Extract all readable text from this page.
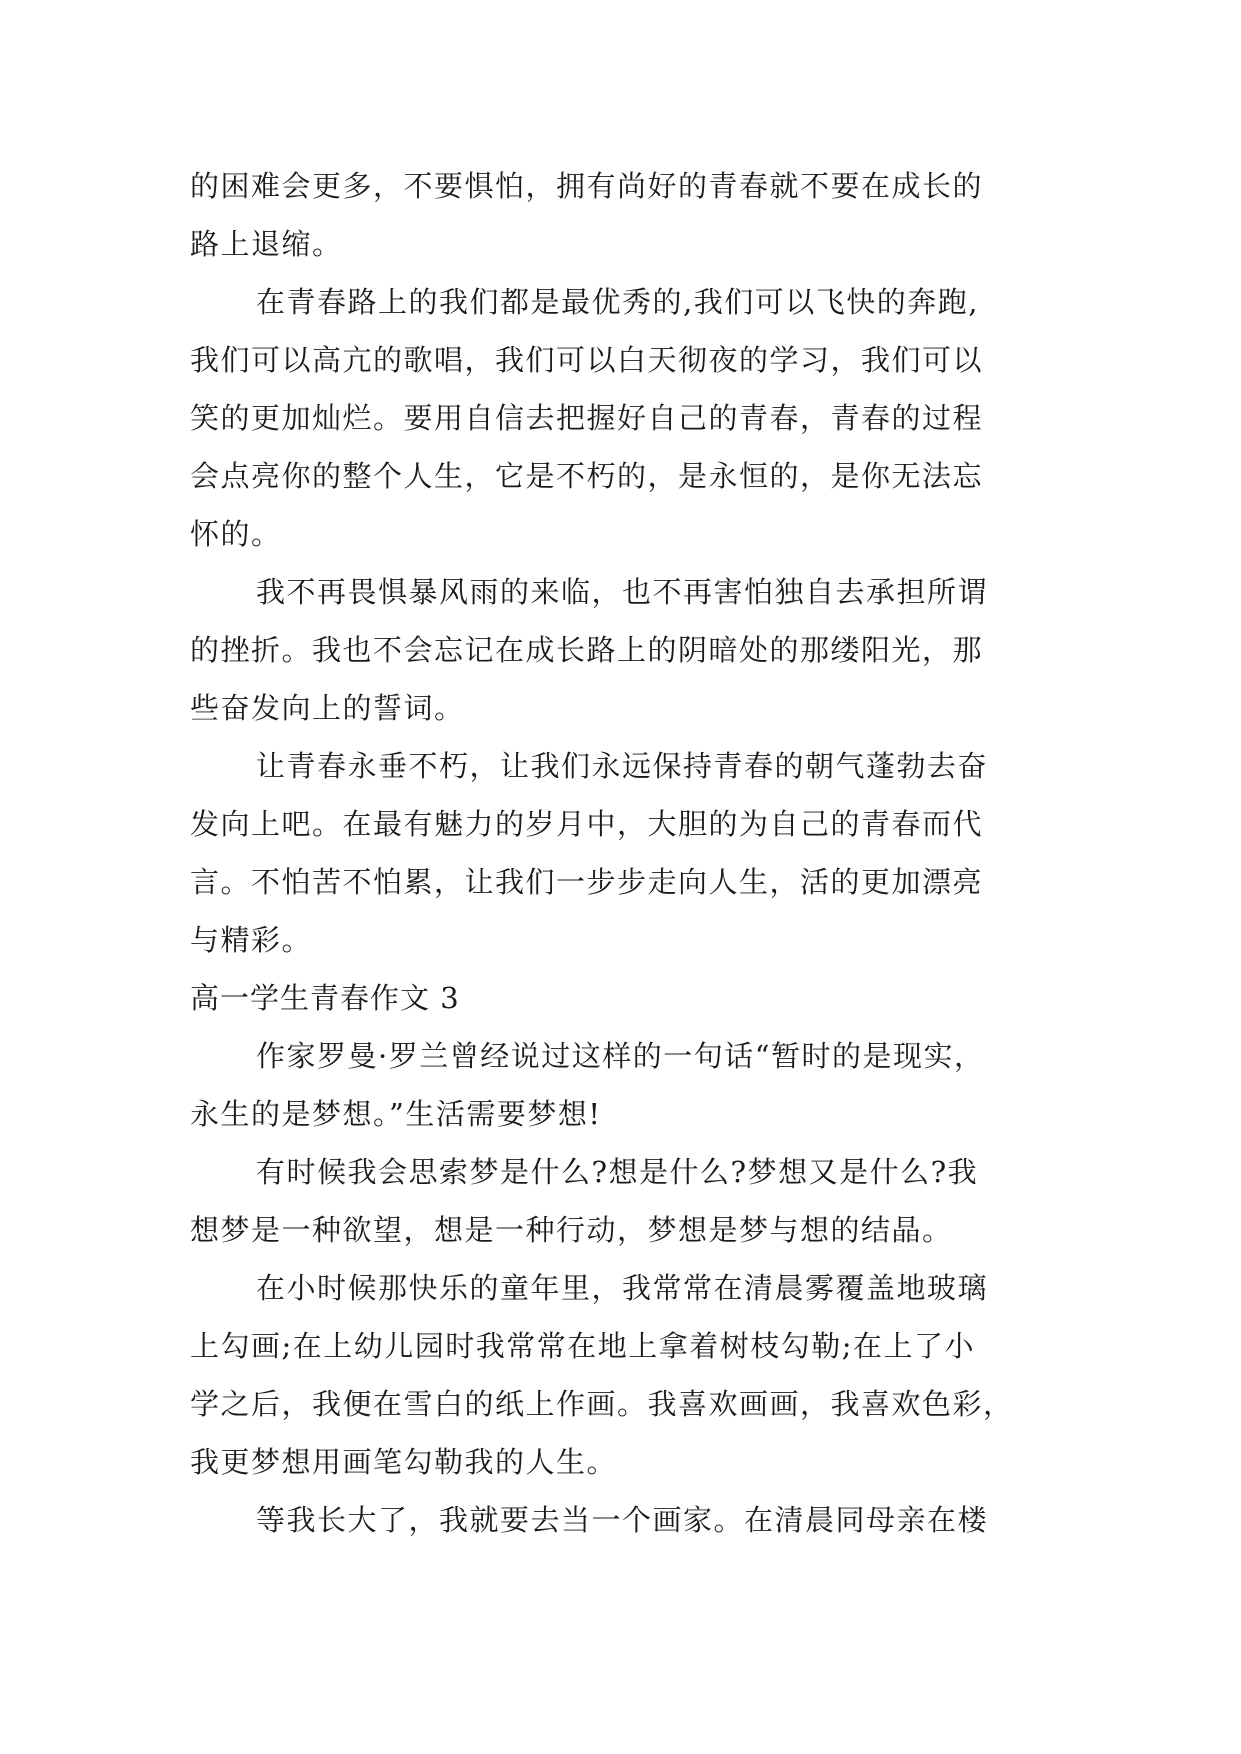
的困难会更多，不要惧怕，拥有尚好的青春就不要在成长的
路上退缩。
在青春路上的我们都是最优秀的,我们可以飞快的奔跑,
我们可以高亢的歌唱，我们可以白天彻夜的学习，我们可以
笑的更加灿烂。要用自信去把握好自己的青春，青春的过程
会点亮你的整个人生，它是不朽的，是永恒的，是你无法忘
怀的。
我不再畏惧暴风雨的来临，也不再害怕独自去承担所谓
的挫折。我也不会忘记在成长路上的阴暗处的那缕阳光，那
些奋发向上的誓词。
让青春永垂不朽，让我们永远保持青春的朝气蓬勃去奋
发向上吧。在最有魅力的岁月中，大胆的为自己的青春而代
言。不怕苦不怕累，让我们一步步走向人生，活的更加漂亮
与精彩。
高一学生青春作文 3
作家罗曼·罗兰曾经说过这样的一句话“暂时的是现实，
永生的是梦想。”生活需要梦想!
有时候我会思索梦是什么?想是什么?梦想又是什么?我
想梦是一种欲望，想是一种行动，梦想是梦与想的结晶。
在小时候那快乐的童年里，我常常在清晨雾覆盖地玻璃
上勾画;在上幼儿园时我常常在地上拿着树枝勾勒;在上了小
学之后，我便在雪白的纸上作画。我喜欢画画，我喜欢色彩，
我更梦想用画笔勾勒我的人生。
等我长大了，我就要去当一个画家。在清晨同母亲在楼
